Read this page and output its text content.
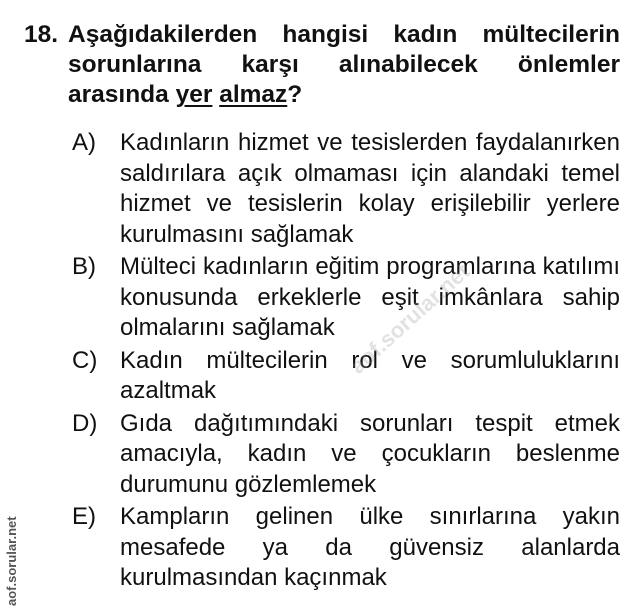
18. Aşağıdakilerden hangisi kadın mültecilerin sorunlarına karşı alınabilecek önlemler arasında yer almaz?
A)	Kadınların hizmet ve tesislerden faydalanırken saldırılara açık olmaması için alandaki temel hizmet ve tesislerin kolay erişilebilir yerlere kurulmasını sağlamak
B)	Mülteci kadınların eğitim programlarına katılımı konusunda erkeklerle eşit imkânlara sahip olmalarını sağlamak
C) Kadın mültecilerin rol ve sorumluluklarını azaltmak
D) Gıda dağıtımındaki sorunları tespit etmek amacıyla, kadın ve çocukların beslenme durumunu gözlemlemek
E)	Kampların gelinen ülke sınırlarına yakın mesafede ya da güvensiz alanlarda kurulmasından kaçınmak
aof.sorular.net
aof.sorular.net
